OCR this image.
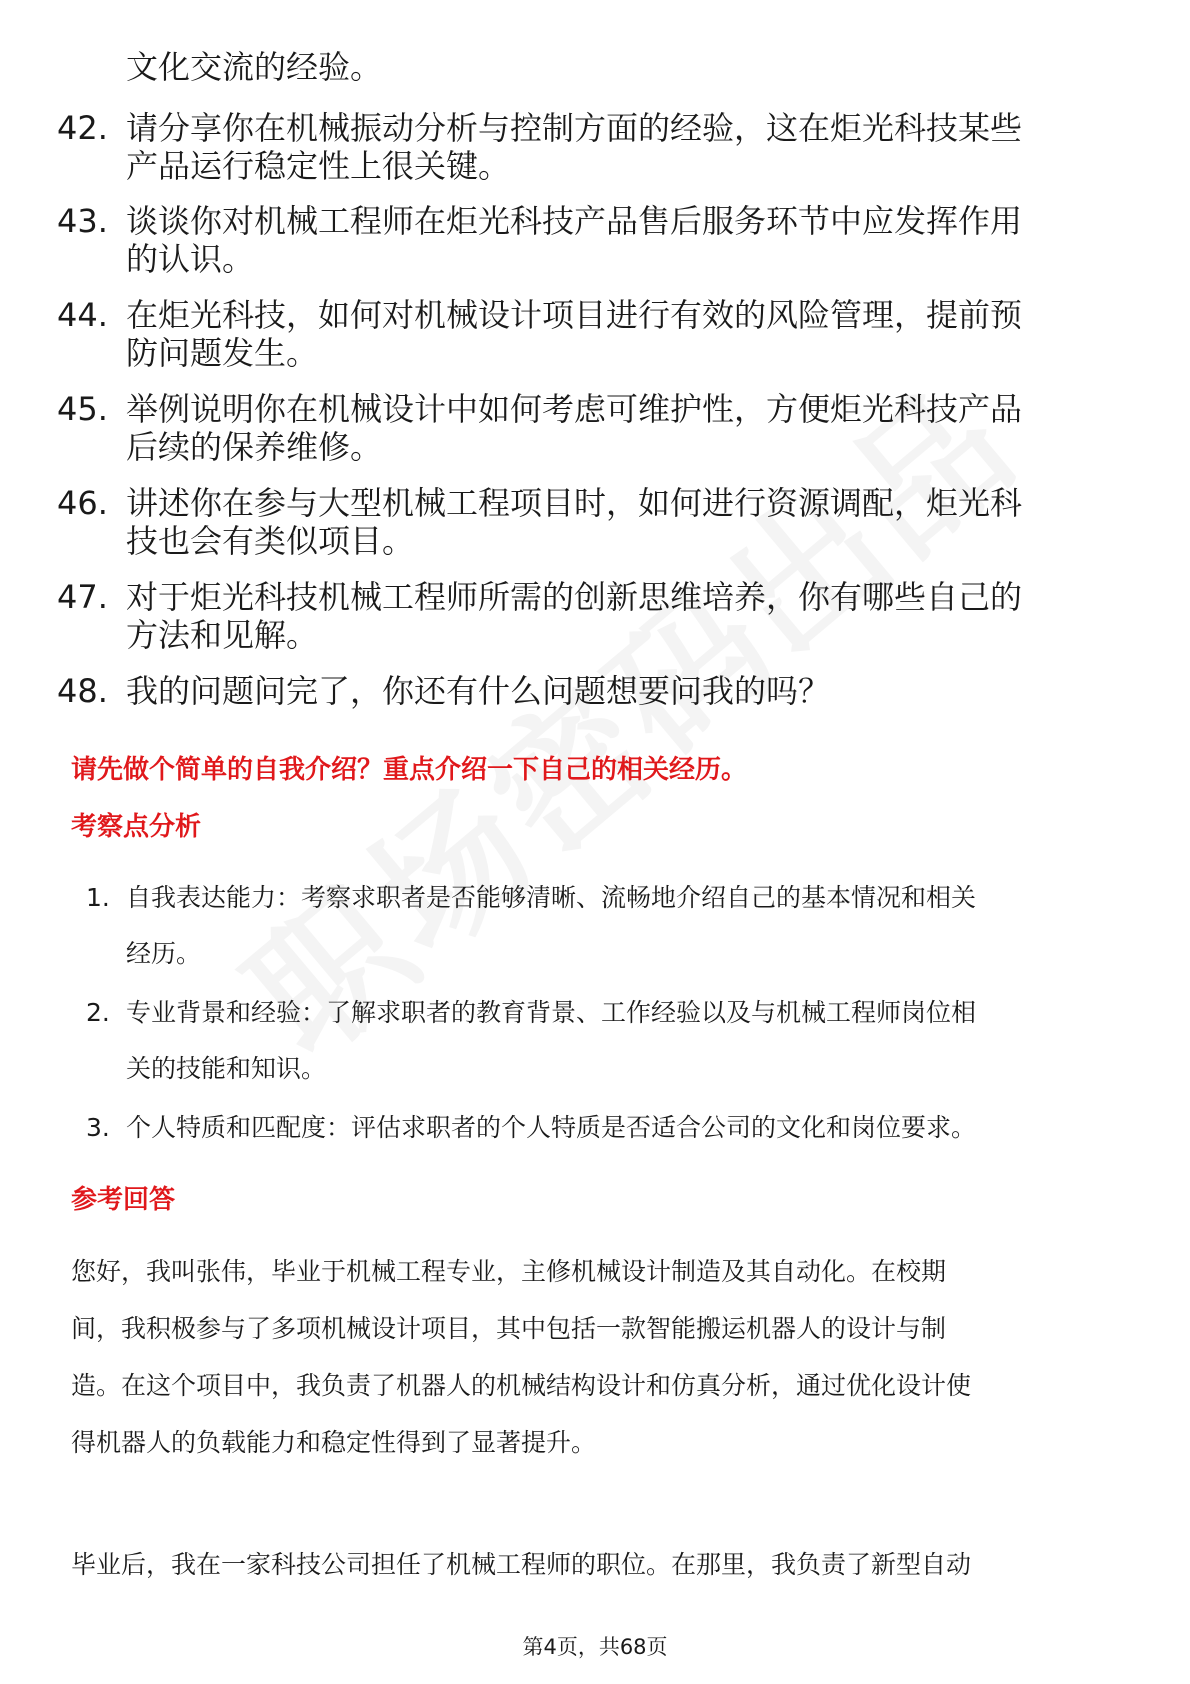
文化交流的经验。
42. 请分享你在机械振动分析与控制方面的经验，这在炬光科技某些
产品运行稳定性上很关键。
43. 谈谈你对机械工程师在炬光科技产品售后服务环节中应发挥作用
的认识。
44. 在炬光科技，如何对机械设计项目进行有效的风险管理，提前预
防问题发生。
45. 举例说明你在机械设计中如何考虑可维护性，方便炬光科技产品
后续的保养维修。
46. 讲述你在参与大型机械工程项目时，如何进行资源调配，炬光科
技也会有类似项目。
47. 对于炬光科技机械工程师所需的创新思维培养，你有哪些自己的
方法和见解。
48. 我的问题问完了，你还有什么问题想要问我的吗？
请先做个简单的自我介绍？重点介绍一下自己的相关经历。
考察点分析
1. 自我表达能力：考察求职者是否能够清晰、流畅地介绍自己的基本情况和相关
经历。
2. 专业背景和经验：了解求职者的教育背景、工作经验以及与机械工程师岗位相
关的技能和知识。
3. 个人特质和匹配度：评估求职者的个人特质是否适合公司的文化和岗位要求。
参考回答
您好，我叫张伟，毕业于机械工程专业，主修机械设计制造及其自动化。在校期
间，我积极参与了多项机械设计项目，其中包括一款智能搬运机器人的设计与制
造。在这个项目中，我负责了机器人的机械结构设计和仿真分析，通过优化设计使
得机器人的负载能力和稳定性得到了显著提升。
毕业后，我在一家科技公司担任了机械工程师的职位。在那里，我负责了新型自动
第4页，共68页
